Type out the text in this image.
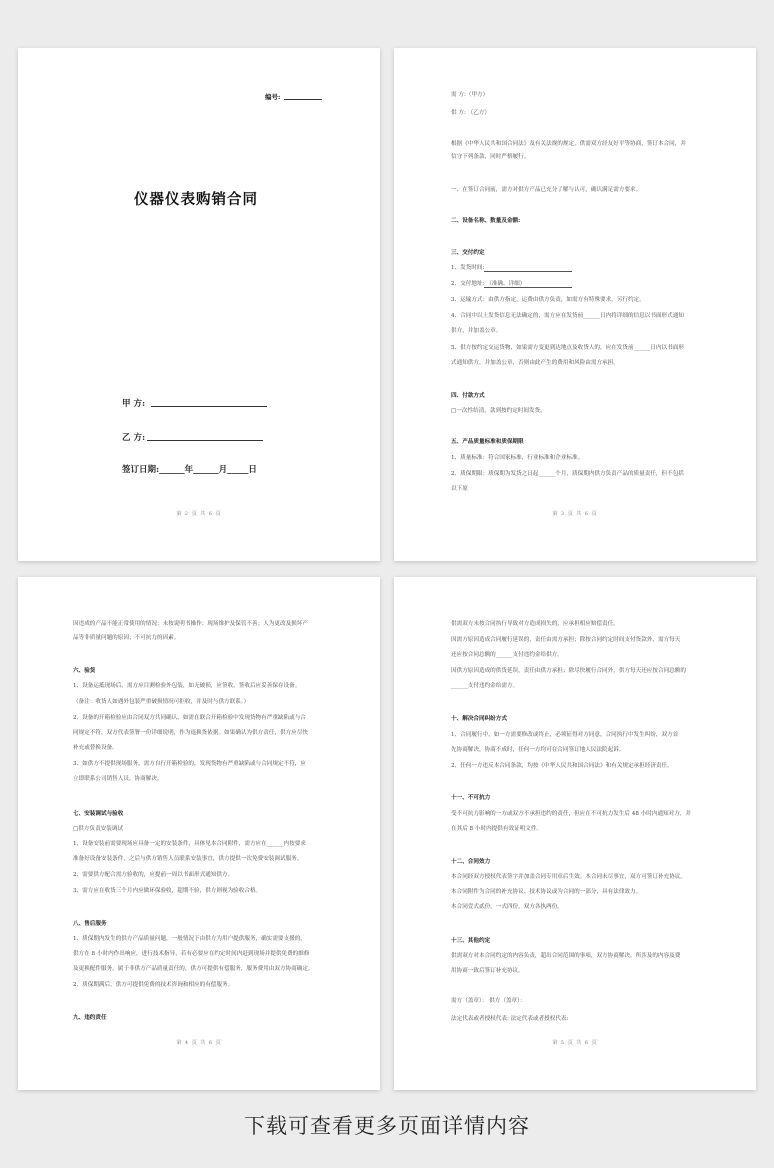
编号:
仪器仪表购销合同
甲 方:
乙 方:
签订日期:______年______月_____日
第 2 页 共 6 页
需 方:（甲方）
供 方: （乙方）
根据《中华人民共和国合同法》及有关法规的规定，供需双方经友好平等协商，签订本合同，并
信守下列条款，同时严格履行。
一、在签订合同前，需方对供方产品已充分了解与认可，确认满足需方要求。
二、设备名称、数量及金额:
三、交付约定
1、发货时间:
2、交付地址: （准确、详细）
3、运输方式：由供方指定，运费由供方负责，如需方有特殊要求，另行约定。
4、合同中以上发货信息无法确定的，需方应在发货前______日内将详细的信息以书面形式通知
供方，并加盖公章。
5、供方按约定交运货物，如果需方变更到达地点及收货人的，应在发货前______日内以书面形
式通知供方，并加盖公章，否则由此产生的费用和风险由需方承担。
四、付款方式
□一次性结清，款到按约定时间发货。
五、产品质量标准和质保期限
1、质量标准：符合国家标准，行业标准和企业标准。
2、质保期限：质保期为发货之日起______个月，质保期内供方负责产品的质量责任，但不包括
以下原
第 3 页 共 6 页
因违成的产品不能正常使用的情况：未按说明书操作；现场维护及保管不善；人为更改及损坏产
品等非质量问题的原因；不可抗力的因素。
六、验货
1、设备运抵现场后，需方应目测检验外包装，如无破损，应签收，签收后应妥善保存设备。
（备注：收货人如遇外包装严重破损情况可拒收，并及时与供方联系。）
2、设备的开箱检验应由合同双方共同确认，如需在联合开箱检验中发现货物有严重缺陷或与合
同规定不符，双方代表签署一份详细说明，作为退换货依据。如果确认为供方责任，供方应尽快
补充或替换设备。
3、如供方不提供现场服务，需方自行开箱检验的，发现货物有严重缺陷或与合同规定不符，应
立即联系公司销售人员，协商解决。
七、安装调试与验收
□供方负责安装调试
1、设备安装前需要现场应具备一定的安装条件，具体见本合同附件，需方应在______内按要求
准备好设备安装条件，之后与供方销售人员联系安装事宜，供方提供一次免费安装调试服务。
2、需要供方配合需方验收的，应提前一周以书面形式通知供方。
3、需方应在收货三个月内应做环保验收，超期不验，供方则视为验收合格。
八、售后服务
1、质保期内发生的供方产品质量问题，一般情况下由供方为用户提供服务，确实需要支援的，
供方在 8 小时内作出响应，进行技术指导，若有必要应在约定时间内赶到现场并提供免费的维修
及更换配件服务，属于非供方产品质量责任的，供方可提供有偿服务，服务费用由双方协商确定。
2、质保期满后，供方可提供免费的技术咨询和相应的有偿服务。
九、违约责任
第 4 页 共 6 页
供需双方未按合同执行导致对方造成损失的，应承担相应赔偿责任。
因需方原因造成合同履行延误的，责任由需方承担；除按合同约定时间支付货款外，需方每天
还应按合同总额的______支付违约金给供方。
因供方原因造成的供货延误，责任由供方承担；除尽快履行合同外，供方每天还应按合同总额的
______支付违约金给需方。
十、解决合同纠纷方式
1、合同履行中，如一方需要修改或终止，必须征得对方同意，合同执行中发生纠纷，双方首
先协商解决，协商不成时，任何一方均可在合同签订地人民法院起诉。
2、任何一方违反本合同条款，均按《中华人民共和国合同法》和有关规定承担经济责任。
十一、不可抗力
受不可抗力影响的一方或双方不承担违约的责任，但应在不可抗力发生后 48 小时内通知对方，并
在其后 8 小时内提供有效证明文件。
十二、合同效力
本合同经双方授权代表签字并加盖合同专用章后生效。本合同未尽事宜，双方可签订补充协议。
本合同附件为合同的补充协议、技术协议或为合同的一部分，具有法律效力。
本合同壹式贰份，一式四份，双方各执两份。
十三、其他约定
供需双方对本合同约定的内容负责，超出合同范围的事项，双方协商解决，所涉及的内容及费
用协商一致后签订补充协议。
需方（盖章）： 供方（盖章）：
法定代表或者授权代表: 法定代表或者授权代表:
第 5 页 共 6 页
下载可查看更多页面详情内容
